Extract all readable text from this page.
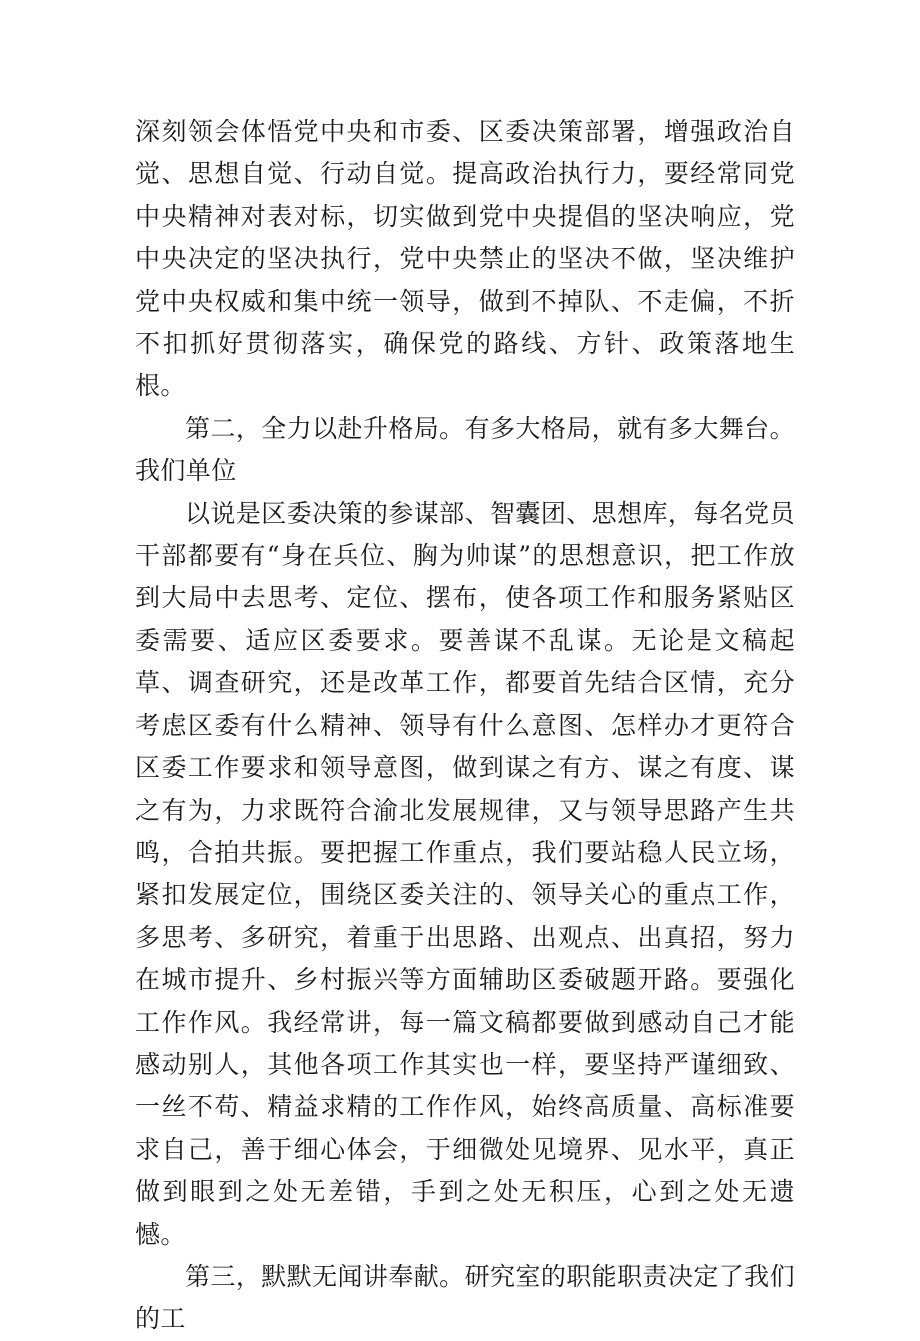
深刻领会体悟党中央和市委、区委决策部署，增强政治自觉、思想自觉、行动自觉。提高政治执行力，要经常同党中央精神对表对标，切实做到党中央提倡的坚决响应，党中央决定的坚决执行，党中央禁止的坚决不做，坚决维护党中央权威和集中统一领导，做到不掉队、不走偏，不折不扣抓好贯彻落实，确保党的路线、方针、政策落地生根。

第二，全力以赴升格局。有多大格局，就有多大舞台。我们单位

以说是区委决策的参谋部、智囊团、思想库，每名党员干部都要有“身在兵位、胸为帅谋”的思想意识，把工作放到大局中去思考、定位、摆布，使各项工作和服务紧贴区委需要、适应区委要求。要善谋不乱谋。无论是文稿起草、调查研究，还是改革工作，都要首先结合区情，充分考虑区委有什么精神、领导有什么意图、怎样办才更符合区委工作要求和领导意图，做到谋之有方、谋之有度、谋之有为，力求既符合渝北发展规律，又与领导思路产生共鸣，合拍共振。要把握工作重点，我们要站稳人民立场，紧扣发展定位，围绕区委关注的、领导关心的重点工作，多思考、多研究，着重于出思路、出观点、出真招，努力在城市提升、乡村振兴等方面辅助区委破题开路。要强化工作作风。我经常讲，每一篇文稿都要做到感动自己才能感动别人，其他各项工作其实也一样，要坚持严谨细致、一丝不苟、精益求精的工作作风，始终高质量、高标准要求自己，善于细心体会，于细微处见境界、见水平，真正做到眼到之处无差错，手到之处无积压，心到之处无遗憾。

第三，默默无闻讲奉献。研究室的职能职责决定了我们的工
